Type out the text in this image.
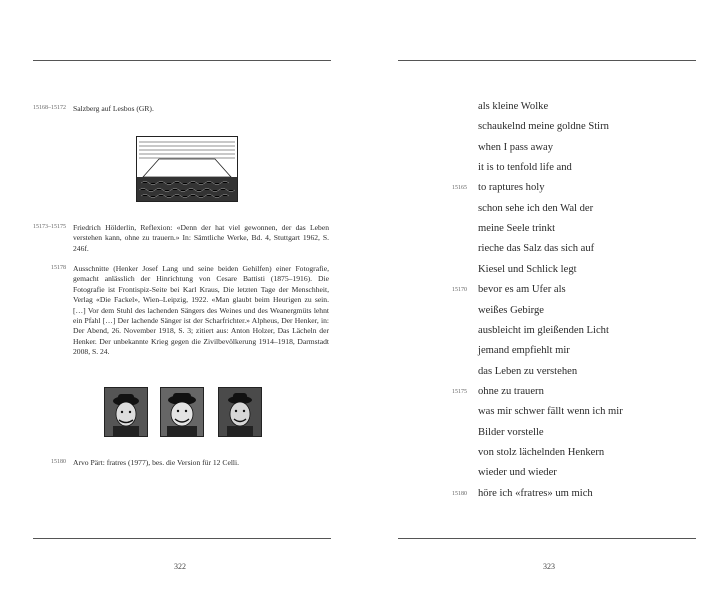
15168–15172 Salzberg auf Lesbos (GR).
15173–15175 Friedrich Hölderlin, Reflexion: «Denn der hat viel gewonnen, der das Leben verstehen kann, ohne zu trauern.» In: Sämtliche Werke, Bd. 4, Stuttgart 1962, S. 246f.
15178 Ausschnitte (Henker Josef Lang und seine beiden Gehilfen) einer Fotografie, gemacht anlässlich der Hinrichtung von Cesare Battisti (1875–1916). Die Fotografie ist Frontispiz-Seite bei Karl Kraus, Die letzten Tage der Menschheit, Verlag «Die Fackel», Wien–Leipzig, 1922. «Man glaubt beim Heurigen zu sein. […] Vor dem Stuhl des lachenden Sängers des Weines und des Weanergmüts lehnt ein Pfahl […] Der lachende Sänger ist der Scharfrichter.» Alpheus, Der Henker, in: Der Abend, 26. November 1918, S. 3; zitiert aus: Anton Holzer, Das Lächeln der Henker. Der unbekannte Krieg gegen die Zivilbevölkerung 1914–1918, Darmstadt 2008, S. 24.
15180 Arvo Pärt: fratres (1977), bes. die Version für 12 Celli.
322
als kleine Wolke
schaukelnd meine goldne Stirn
when I pass away
it is to tenfold life and
to raptures holy
schon sehe ich den Wal der
meine Seele trinkt
rieche das Salz das sich auf
Kiesel und Schlick legt
bevor es am Ufer als
weißes Gebirge
ausbleicht im gleißenden Licht
jemand empfiehlt mir
das Leben zu verstehen
ohne zu trauern
was mir schwer fällt wenn ich mir
Bilder vorstelle
von stolz lächelnden Henkern
wieder und wieder
höre ich «fratres» um mich
15165
15170
15175
15180
323
